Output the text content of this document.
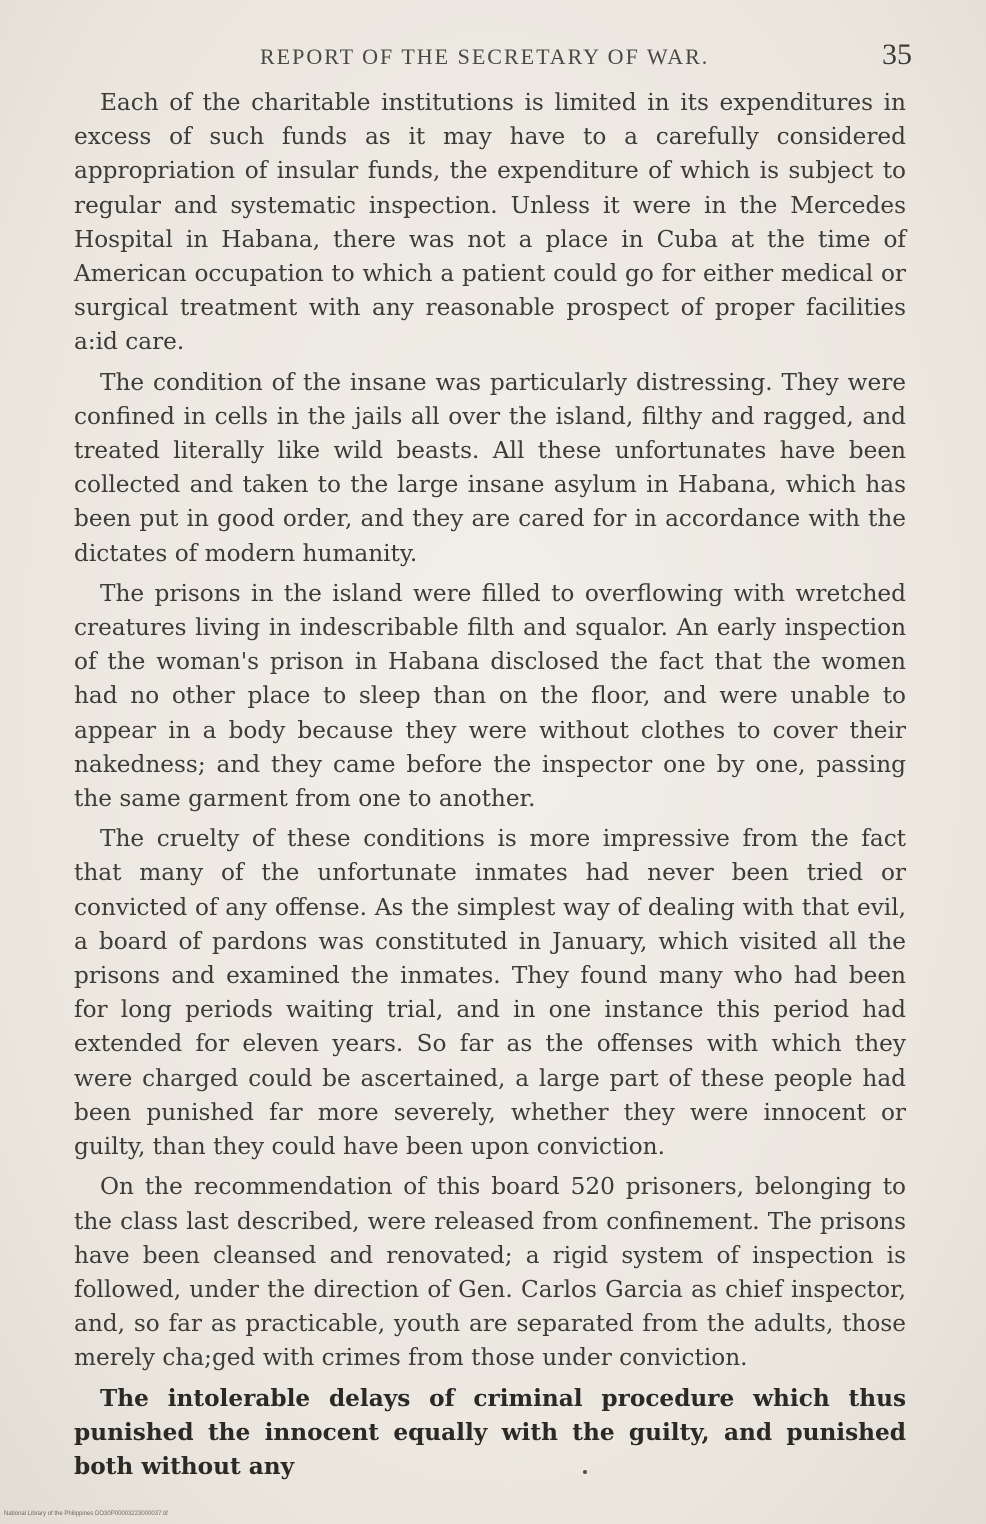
REPORT OF THE SECRETARY OF WAR.	35

Each of the charitable institutions is limited in its expenditures in excess of such funds as it may have to a carefully considered appropriation of insular funds, the expenditure of which is subject to regular and systematic inspection. Unless it were in the Mercedes Hospital in Habana, there was not a place in Cuba at the time of American occupation to which a patient could go for either medical or surgical treatment with any reasonable prospect of proper facilities a:id care.

The condition of the insane was particularly distressing. They were confined in cells in the jails all over the island, filthy and ragged, and treated literally like wild beasts. All these unfortunates have been collected and taken to the large insane asylum in Habana, which has been put in good order, and they are cared for in accordance with the dictates of modern humanity.

The prisons in the island were filled to overflowing with wretched creatures living in indescribable filth and squalor. An early inspection of the woman's prison in Habana disclosed the fact that the women had no other place to sleep than on the floor, and were unable to appear in a body because they were without clothes to cover their nakedness; and they came before the inspector one by one, passing the same garment from one to another.

The cruelty of these conditions is more impressive from the fact that many of the unfortunate inmates had never been tried or convicted of any offense. As the simplest way of dealing with that evil, a board of pardons was constituted in January, which visited all the prisons and examined the inmates. They found many who had been for long periods waiting trial, and in one instance this period had extended for eleven years. So far as the offenses with which they were charged could be ascertained, a large part of these people had been punished far more severely, whether they were innocent or guilty, than they could have been upon conviction.

On the recommendation of this board 520 prisoners, belonging to the class last described, were released from confinement. The prisons have been cleansed and renovated; a rigid system of inspection is followed, under the direction of Gen. Carlos Garcia as chief inspector, and, so far as practicable, youth are separated from the adults, those merely cha;ged with crimes from those under conviction.

The intolerable delays of criminal procedure which thus punished the innocent equally with the guilty, and punished both without any

National Library of the Philippines DO30P00003223000037.tif
